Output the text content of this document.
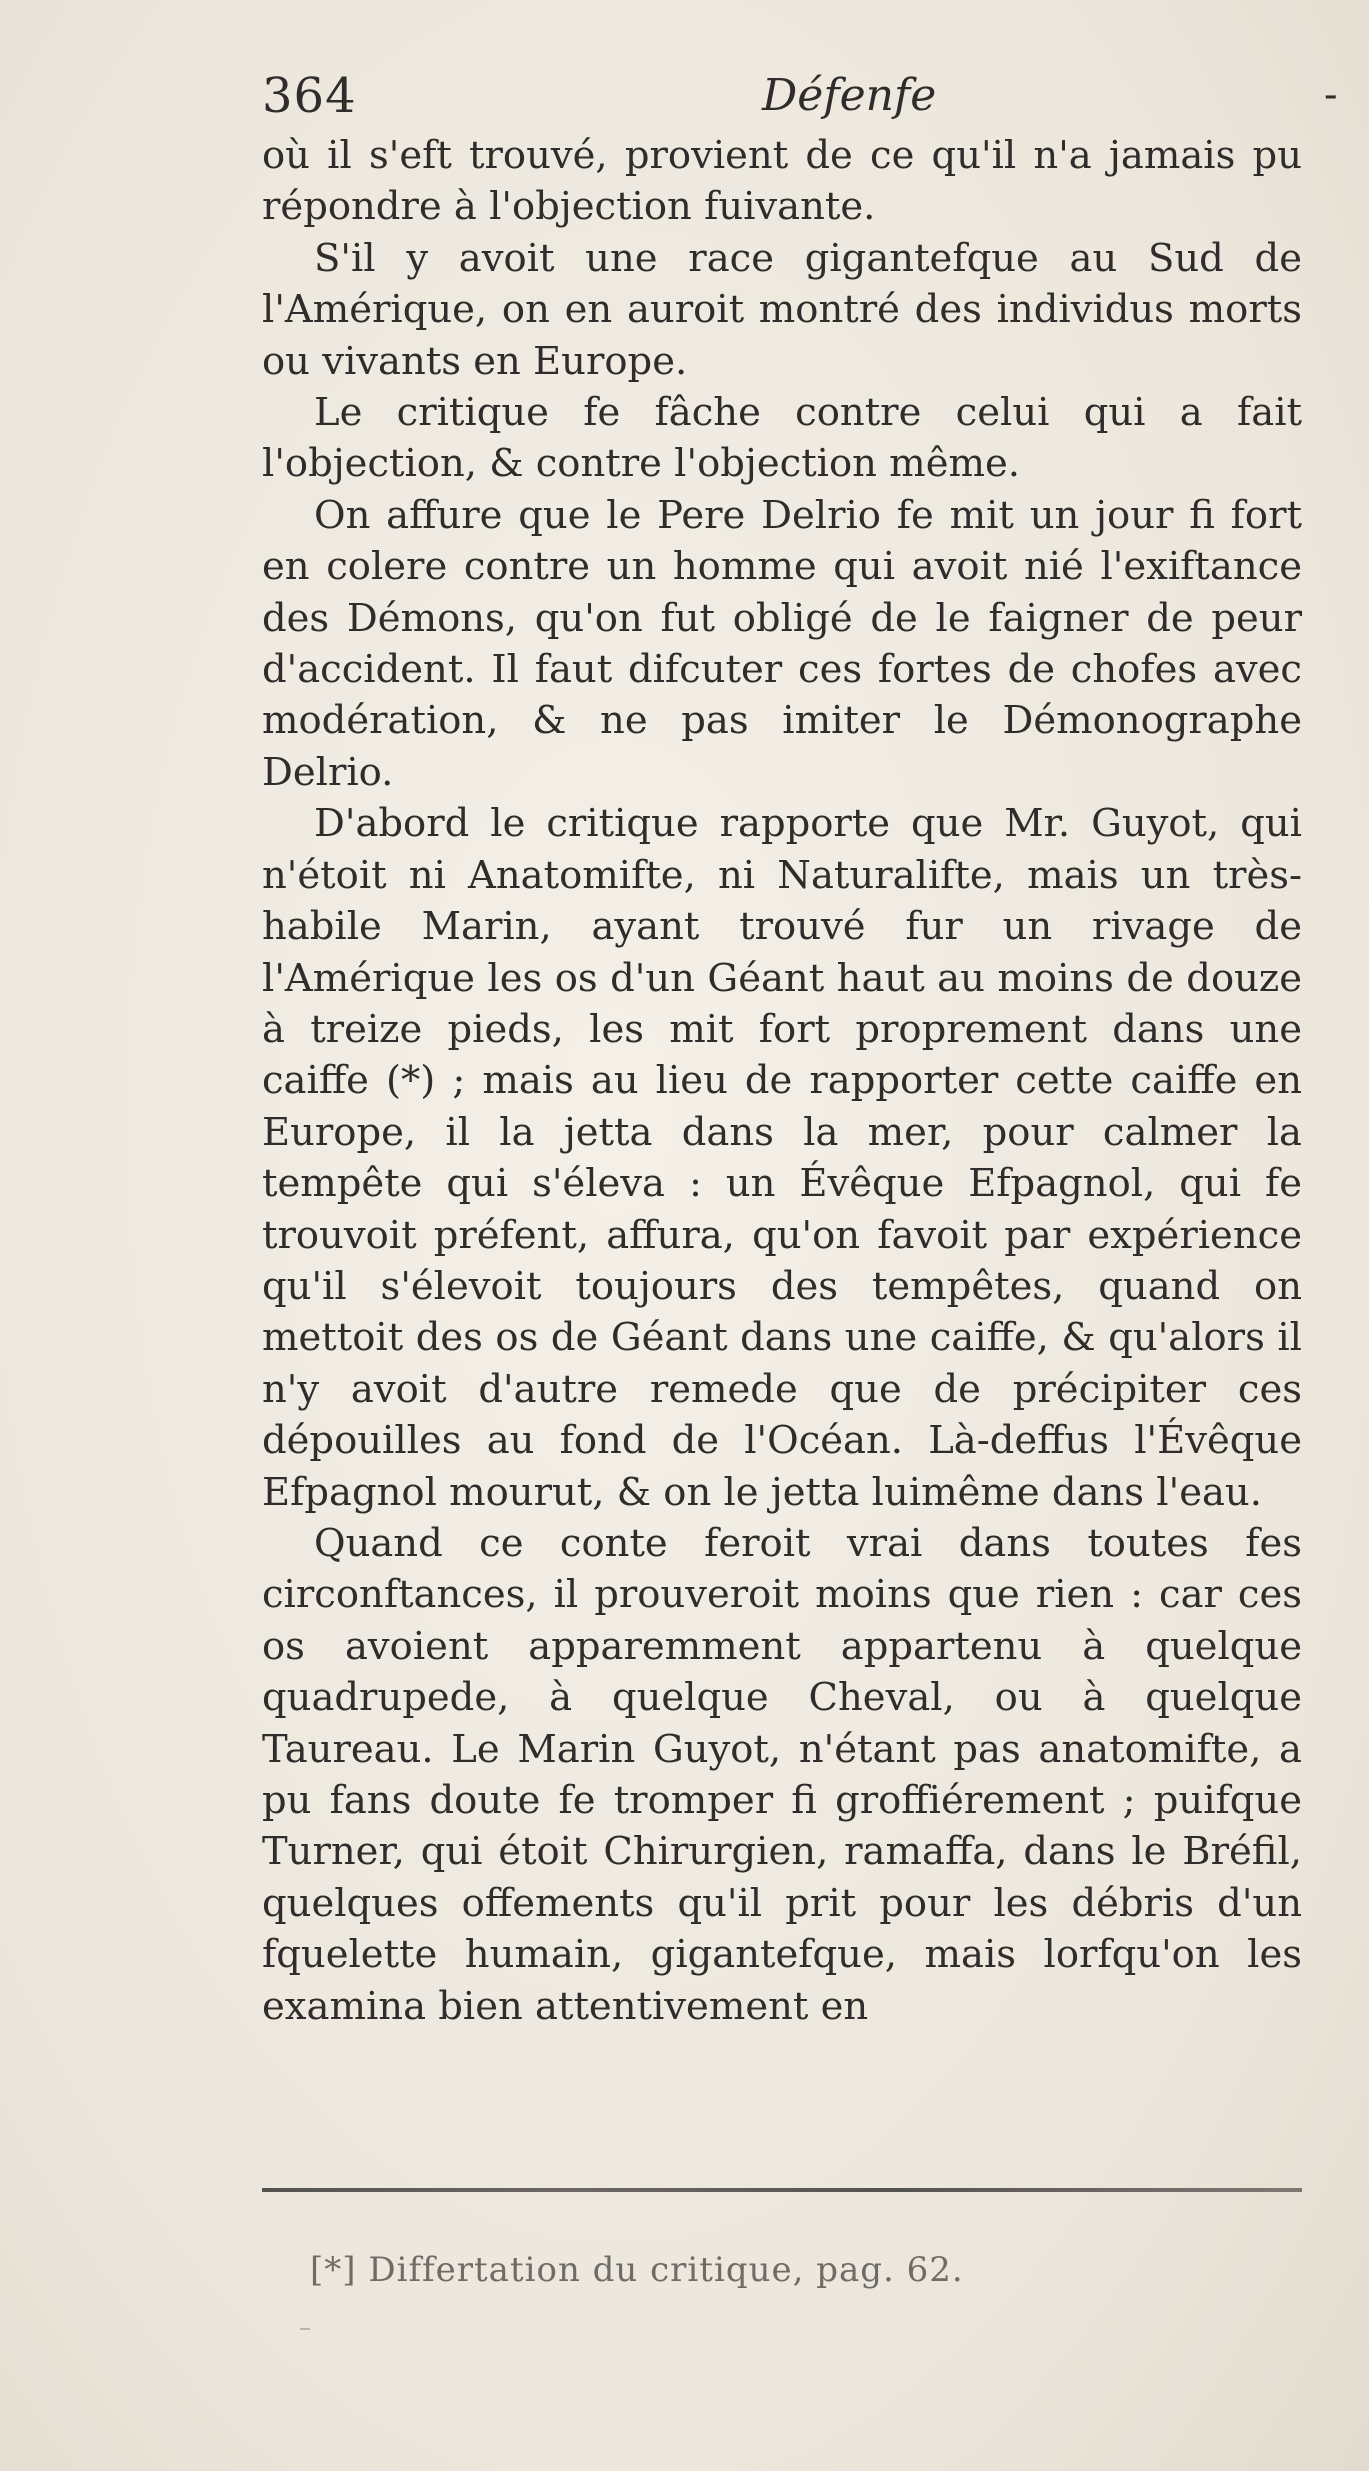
364	Défenfe	-

où il s'eft trouvé, provient de ce qu'il n'a jamais pu répondre à l'objection fuivante.

S'il y avoit une race gigantefque au Sud de l'Amérique, on en auroit montré des individus morts ou vivants en Europe.

Le critique fe fâche contre celui qui a fait l'objection, & contre l'objection même.

On affure que le Pere Delrio fe mit un jour fi fort en colere contre un homme qui avoit nié l'exiftance des Démons, qu'on fut obligé de le faigner de peur d'accident. Il faut difcuter ces fortes de chofes avec modération, & ne pas imiter le Démonographe Delrio.

D'abord le critique rapporte que Mr. Guyot, qui n'étoit ni Anatomifte, ni Naturalifte, mais un très-habile Marin, ayant trouvé fur un rivage de l'Amérique les os d'un Géant haut au moins de douze à treize pieds, les mit fort proprement dans une caiffe (*) ; mais au lieu de rapporter cette caiffe en Europe, il la jetta dans la mer, pour calmer la tempête qui s'éleva : un Évêque Efpagnol, qui fe trouvoit préfent, affura, qu'on favoit par expérience qu'il s'élevoit toujours des tempêtes, quand on mettoit des os de Géant dans une caiffe, & qu'alors il n'y avoit d'autre remede que de précipiter ces dépouilles au fond de l'Océan. Là-deffus l'Évêque Efpagnol mourut, & on le jetta luimême dans l'eau.

Quand ce conte feroit vrai dans toutes fes circonftances, il prouveroit moins que rien : car ces os avoient apparemment appartenu à quelque quadrupede, à quelque Cheval, ou à quelque Taureau. Le Marin Guyot, n'étant pas anatomifte, a pu fans doute fe tromper fi groffiérement ; puifque Turner, qui étoit Chirurgien, ramaffa, dans le Bréfil, quelques offements qu'il prit pour les débris d'un fquelette humain, gigantefque, mais lorfqu'on les examina bien attentivement en

[*] Differtation du critique, pag. 62.
